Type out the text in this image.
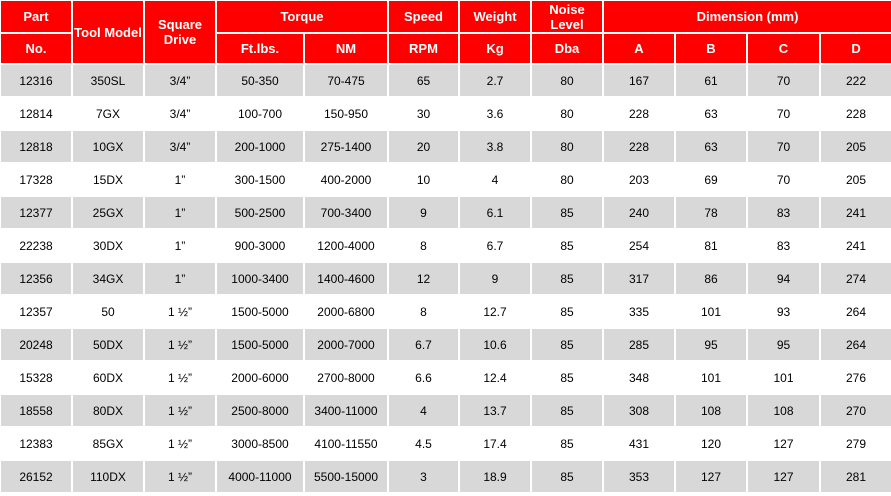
Part	Tool Model	Square Drive	Torque		Speed	Weight	Noise Level	Dimension (mm)			
No.			Ft.lbs.	NM	RPM	Kg	Dba	A	B	C	D
12316	350SL	3/4”	50-350	70-475	65	2.7	80	167	61	70	222
12814	7GX	3/4”	100-700	150-950	30	3.6	80	228	63	70	228
12818	10GX	3/4”	200-1000	275-1400	20	3.8	80	228	63	70	205
17328	15DX	1”	300-1500	400-2000	10	4	80	203	69	70	205
12377	25GX	1”	500-2500	700-3400	9	6.1	85	240	78	83	241
22238	30DX	1”	900-3000	1200-4000	8	6.7	85	254	81	83	241
12356	34GX	1”	1000-3400	1400-4600	12	9	85	317	86	94	274
12357	50	1 ½”	1500-5000	2000-6800	8	12.7	85	335	101	93	264
20248	50DX	1 ½”	1500-5000	2000-7000	6.7	10.6	85	285	95	95	264
15328	60DX	1 ½”	2000-6000	2700-8000	6.6	12.4	85	348	101	101	276
18558	80DX	1 ½”	2500-8000	3400-11000	4	13.7	85	308	108	108	270
12383	85GX	1 ½”	3000-8500	4100-11550	4.5	17.4	85	431	120	127	279
26152	110DX	1 ½”	4000-11000	5500-15000	3	18.9	85	353	127	127	281
